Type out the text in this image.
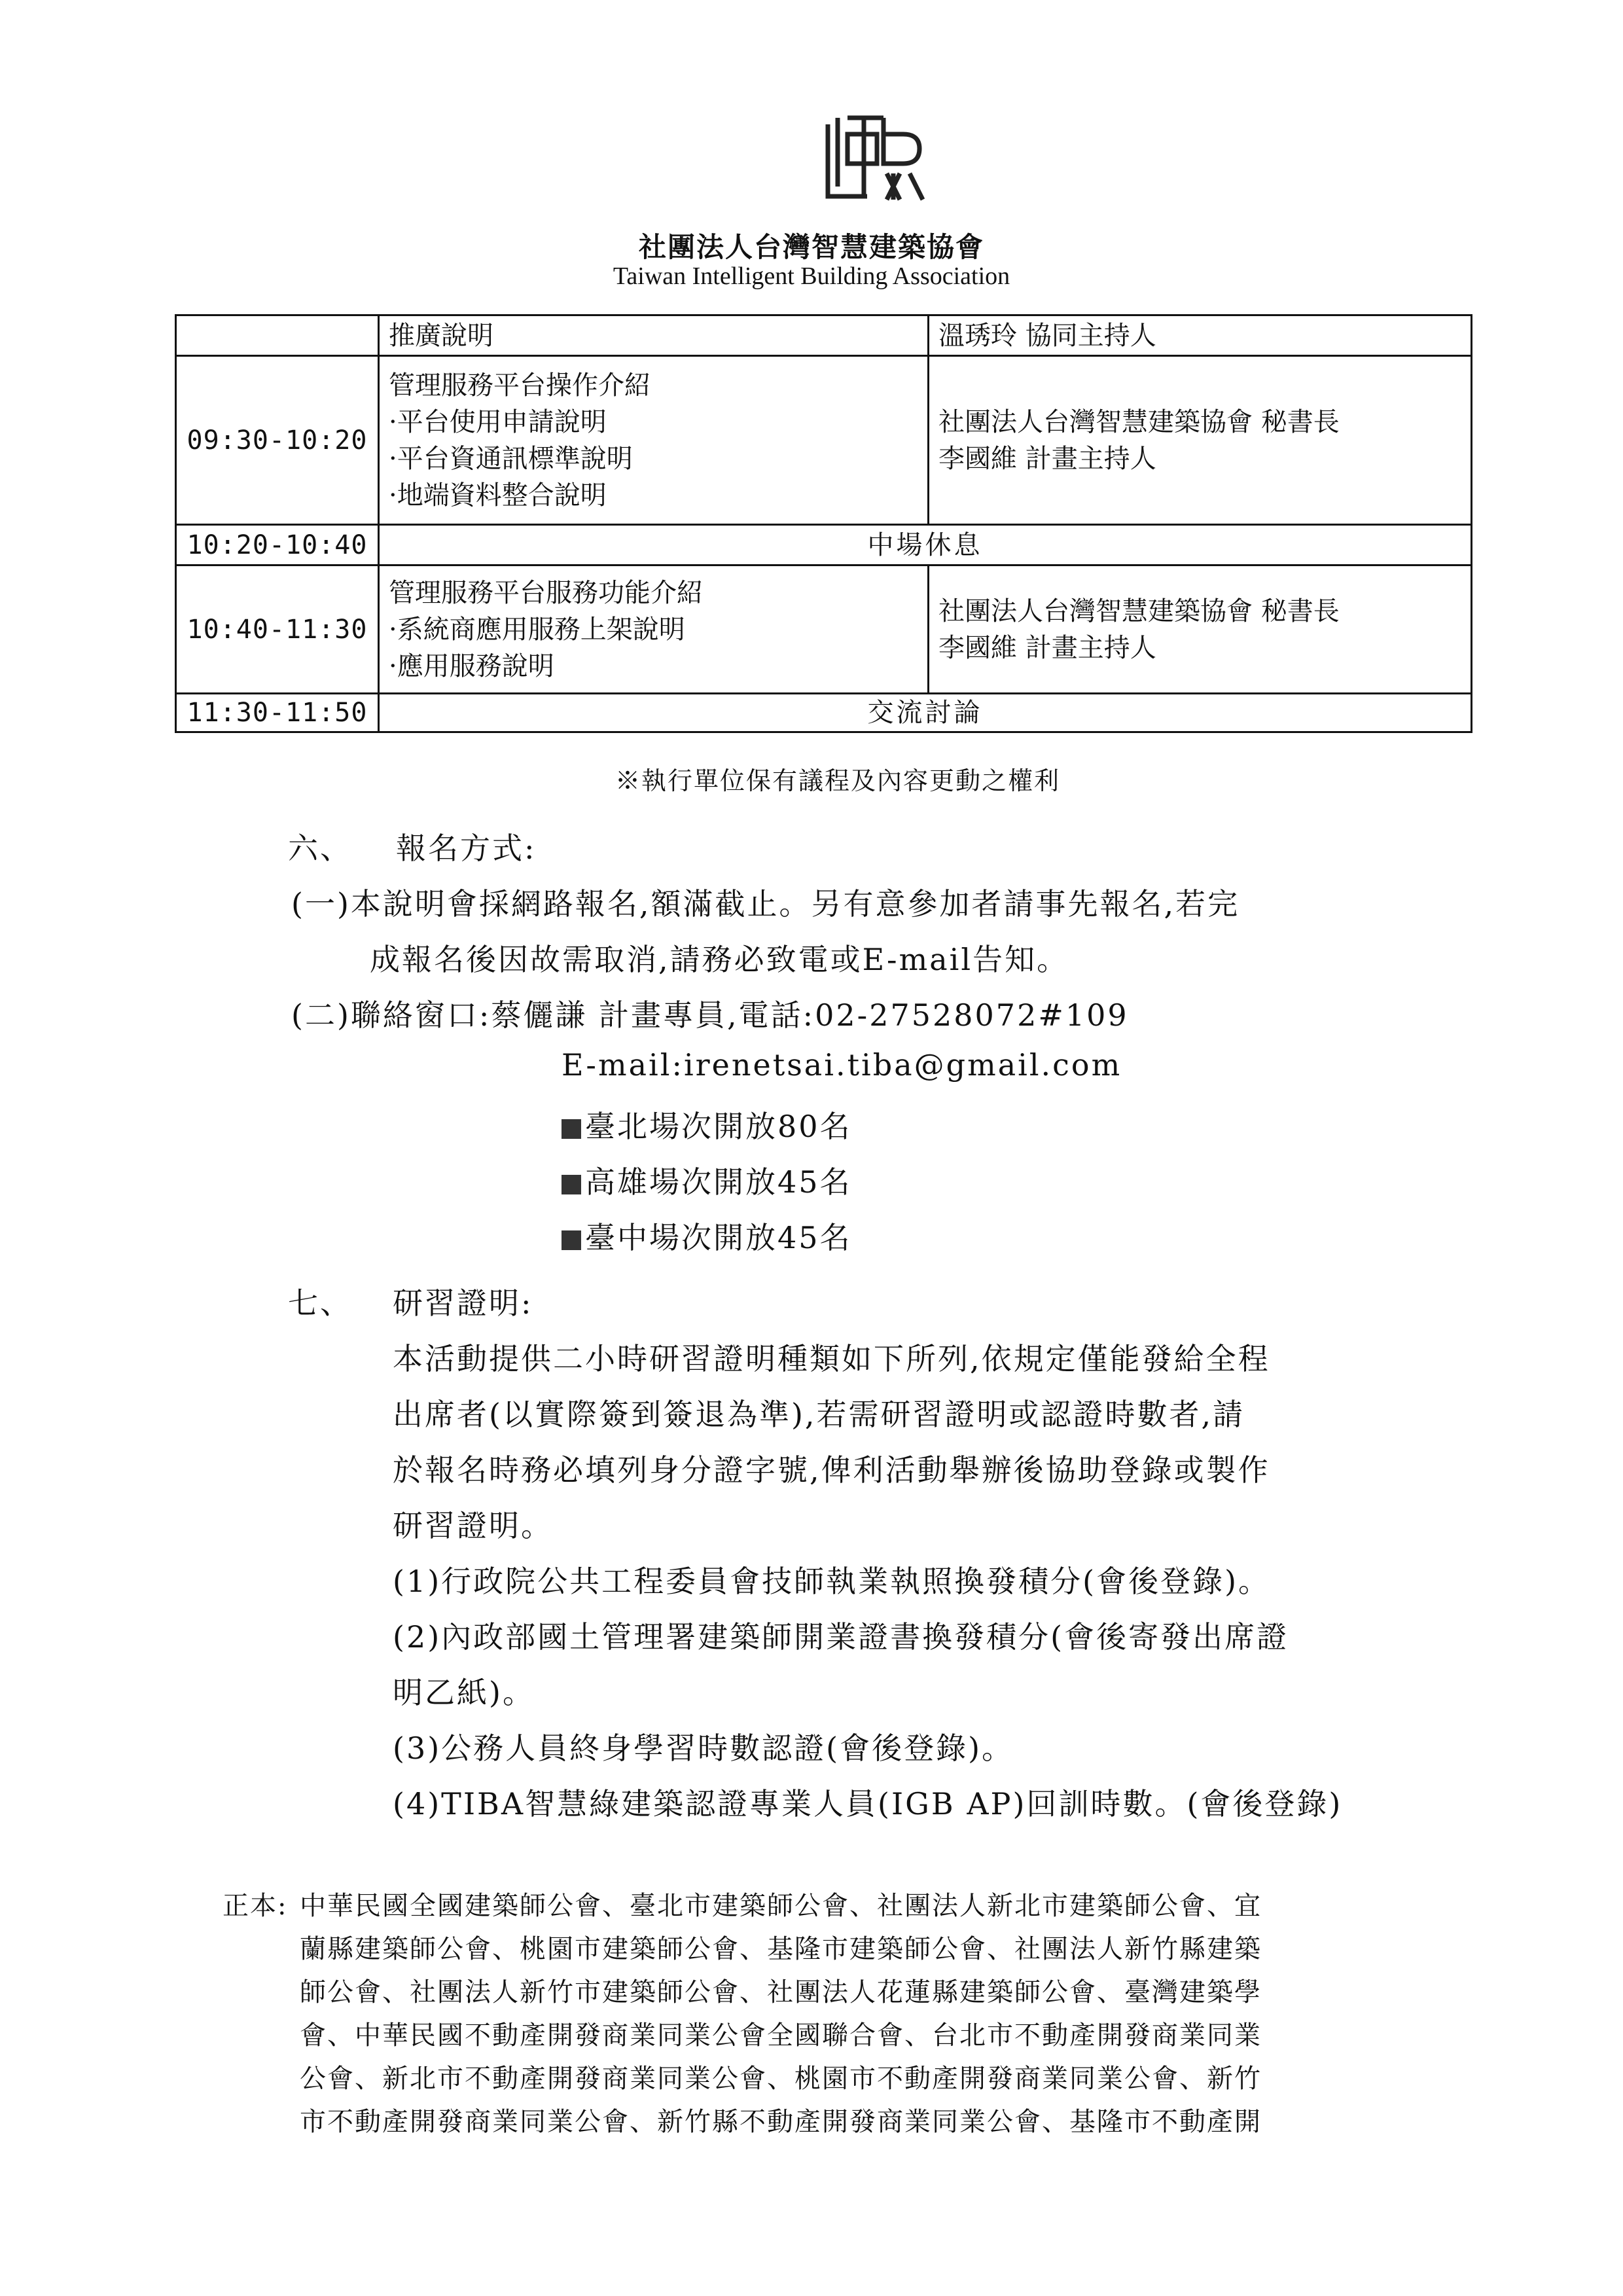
社團法人台灣智慧建築協會
Taiwan Intelligent Building Association
	推廣說明	溫琇玲 協同主持人
09:30-10:20	管理服務平台操作介紹
·平台使用申請說明
·平台資通訊標準說明
·地端資料整合說明	社團法人台灣智慧建築協會 秘書長
李國維 計畫主持人

10:20-10:40	中場休息	
10:40-11:30	管理服務平台服務功能介紹
·系統商應用服務上架說明
·應用服務說明	社團法人台灣智慧建築協會 秘書長
李國維 計畫主持人

11:30-11:50	交流討論	
※執行單位保有議程及內容更動之權利
六、 報名方式:
(一)本說明會採網路報名,額滿截止。另有意參加者請事先報名,若完
成報名後因故需取消,請務必致電或E-mail告知。
(二)聯絡窗口:蔡儷謙 計畫專員,電話:02-27528072#109
E-mail:irenetsai.tiba@gmail.com
臺北場次開放80名
高雄場次開放45名
臺中場次開放45名
七、 研習證明:
本活動提供二小時研習證明種類如下所列,依規定僅能發給全程
出席者(以實際簽到簽退為準),若需研習證明或認證時數者,請
於報名時務必填列身分證字號,俾利活動舉辦後協助登錄或製作
研習證明。
(1)行政院公共工程委員會技師執業執照換發積分(會後登錄)。
(2)內政部國土管理署建築師開業證書換發積分(會後寄發出席證
明乙紙)。
(3)公務人員終身學習時數認證(會後登錄)。
(4)TIBA智慧綠建築認證專業人員(IGB AP)回訓時數。(會後登錄)
正本: 中華民國全國建築師公會、臺北市建築師公會、社團法人新北市建築師公會、宜
蘭縣建築師公會、桃園市建築師公會、基隆市建築師公會、社團法人新竹縣建築
師公會、社團法人新竹市建築師公會、社團法人花蓮縣建築師公會、臺灣建築學
會、中華民國不動產開發商業同業公會全國聯合會、台北市不動產開發商業同業
公會、新北市不動產開發商業同業公會、桃園市不動產開發商業同業公會、新竹
市不動產開發商業同業公會、新竹縣不動產開發商業同業公會、基隆市不動產開
